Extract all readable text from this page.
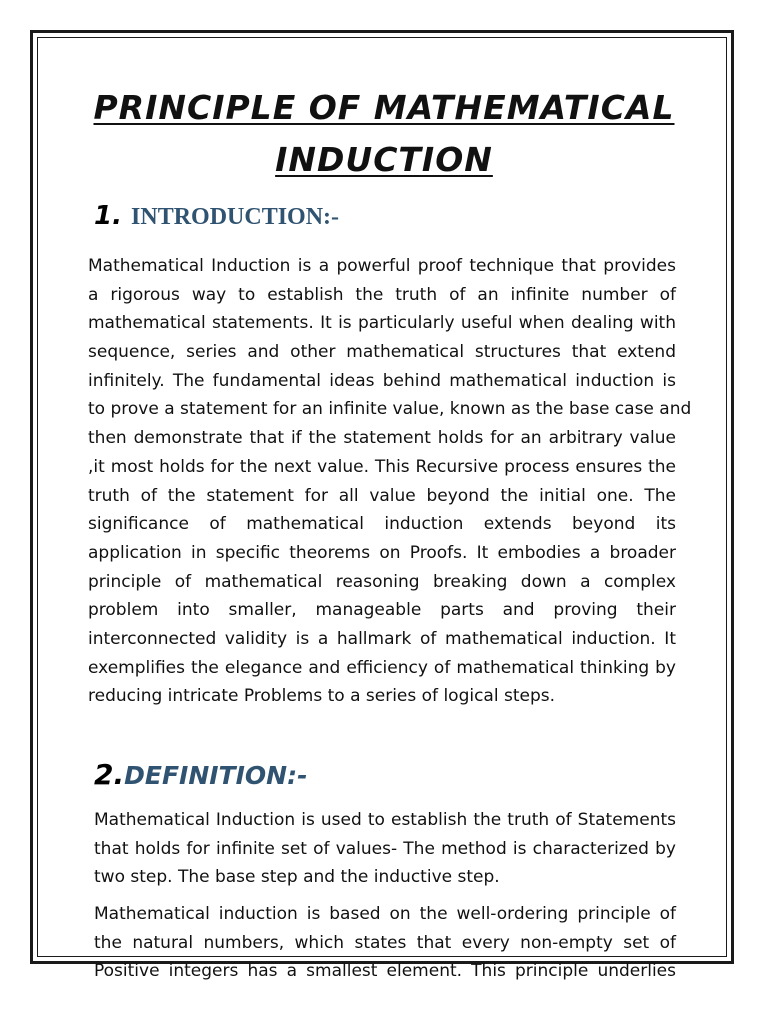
PRINCIPLE OF MATHEMATICAL
INDUCTION
1. INTRODUCTION:-
Mathematical Induction is a powerful proof technique that provides
a rigorous way to establish the truth of an infinite number of
mathematical statements. It is particularly useful when dealing with
sequence, series and other mathematical structures that extend
infinitely. The fundamental ideas behind mathematical induction is
to prove a statement for an infinite value, known as the base case and
then demonstrate that if the statement holds for an arbitrary value
,it most holds for the next value. This Recursive process ensures the
truth of the statement for all value beyond the initial one. The
significance of mathematical induction extends beyond its
application in specific theorems on Proofs. It embodies a broader
principle of mathematical reasoning breaking down a complex
problem into smaller, manageable parts and proving their
interconnected validity is a hallmark of mathematical induction. It
exemplifies the elegance and efficiency of mathematical thinking by
reducing intricate Problems to a series of logical steps.
2.DEFINITION:-
Mathematical Induction is used to establish the truth of Statements
that holds for infinite set of values- The method is characterized by
two step. The base step and the inductive step.
Mathematical induction is based on the well-ordering principle of
the natural numbers, which states that every non-empty set of
Positive integers has a smallest element. This principle underlies
